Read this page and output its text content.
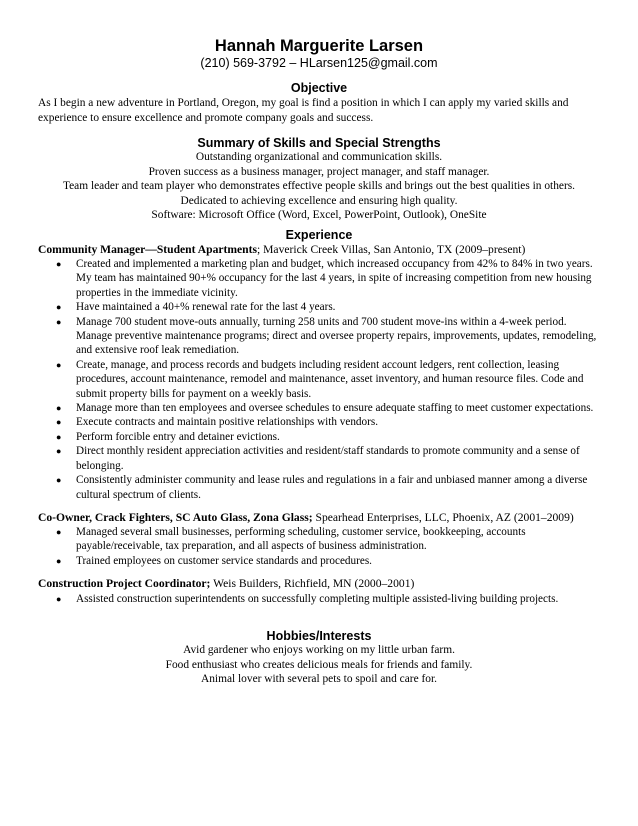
Hannah Marguerite Larsen
(210) 569-3792 – HLarsen125@gmail.com
Objective
As I begin a new adventure in Portland, Oregon, my goal is find a position in which I can apply my varied skills and experience to ensure excellence and promote company goals and success.
Summary of Skills and Special Strengths
Outstanding organizational and communication skills.
Proven success as a business manager, project manager, and staff manager.
Team leader and team player who demonstrates effective people skills and brings out the best qualities in others.
Dedicated to achieving excellence and ensuring high quality.
Software: Microsoft Office (Word, Excel, PowerPoint, Outlook), OneSite
Experience
Community Manager—Student Apartments; Maverick Creek Villas, San Antonio, TX (2009–present)
● Created and implemented a marketing plan and budget, which increased occupancy from 42% to 84% in two years. My team has maintained 90+% occupancy for the last 4 years, in spite of increasing competition from new housing properties in the immediate vicinity.
● Have maintained a 40+% renewal rate for the last 4 years.
● Manage 700 student move-outs annually, turning 258 units and 700 student move-ins within a 4-week period. Manage preventive maintenance programs; direct and oversee property repairs, improvements, updates, remodeling, and extensive roof leak remediation.
● Create, manage, and process records and budgets including resident account ledgers, rent collection, leasing procedures, account maintenance, remodel and maintenance, asset inventory, and human resource files. Code and submit property bills for payment on a weekly basis.
● Manage more than ten employees and oversee schedules to ensure adequate staffing to meet customer expectations.
● Execute contracts and maintain positive relationships with vendors.
● Perform forcible entry and detainer evictions.
● Direct monthly resident appreciation activities and resident/staff standards to promote community and a sense of belonging.
● Consistently administer community and lease rules and regulations in a fair and unbiased manner among a diverse cultural spectrum of clients.
Co-Owner, Crack Fighters, SC Auto Glass, Zona Glass; Spearhead Enterprises, LLC, Phoenix, AZ (2001–2009)
● Managed several small businesses, performing scheduling, customer service, bookkeeping, accounts payable/receivable, tax preparation, and all aspects of business administration.
● Trained employees on customer service standards and procedures.
Construction Project Coordinator; Weis Builders, Richfield, MN (2000–2001)
● Assisted construction superintendents on successfully completing multiple assisted-living building projects.
Hobbies/Interests
Avid gardener who enjoys working on my little urban farm.
Food enthusiast who creates delicious meals for friends and family.
Animal lover with several pets to spoil and care for.
